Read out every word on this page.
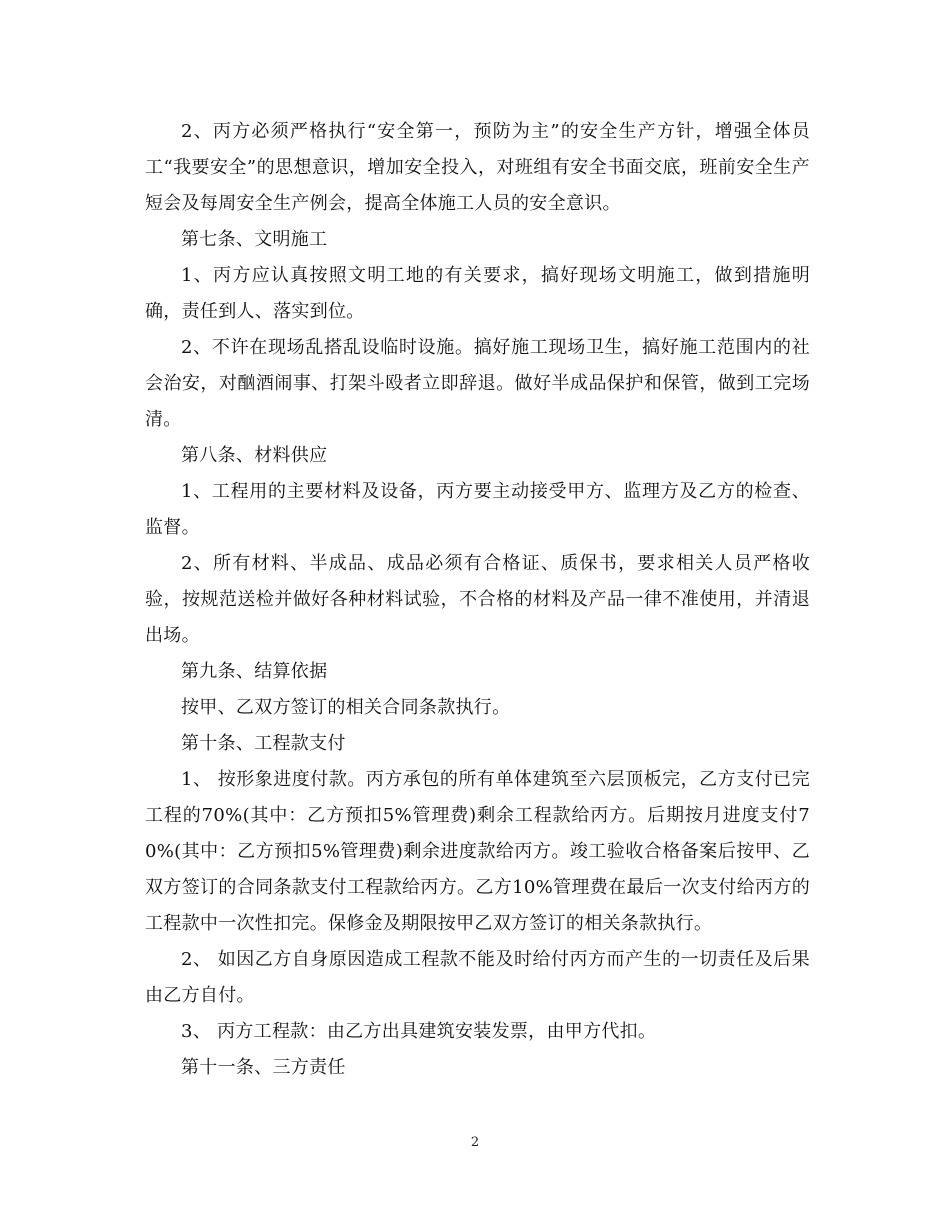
2、丙方必须严格执行“安全第一，预防为主”的安全生产方针，增强全体员工“我要安全”的思想意识，增加安全投入，对班组有安全书面交底，班前安全生产短会及每周安全生产例会，提高全体施工人员的安全意识。

第七条、文明施工

1、丙方应认真按照文明工地的有关要求，搞好现场文明施工，做到措施明确，责任到人、落实到位。

2、不许在现场乱搭乱设临时设施。搞好施工现场卫生，搞好施工范围内的社会治安，对酗酒闹事、打架斗殴者立即辞退。做好半成品保护和保管，做到工完场清。

第八条、材料供应

1、工程用的主要材料及设备，丙方要主动接受甲方、监理方及乙方的检查、监督。

2、所有材料、半成品、成品必须有合格证、质保书，要求相关人员严格收验，按规范送检并做好各种材料试验，不合格的材料及产品一律不准使用，并清退出场。

第九条、结算依据

按甲、乙双方签订的相关合同条款执行。

第十条、工程款支付

1、 按形象进度付款。丙方承包的所有单体建筑至六层顶板完，乙方支付已完工程的70%(其中：乙方预扣5%管理费)剩余工程款给丙方。后期按月进度支付70%(其中：乙方预扣5%管理费)剩余进度款给丙方。竣工验收合格备案后按甲、乙双方签订的合同条款支付工程款给丙方。乙方10%管理费在最后一次支付给丙方的工程款中一次性扣完。保修金及期限按甲乙双方签订的相关条款执行。

2、 如因乙方自身原因造成工程款不能及时给付丙方而产生的一切责任及后果由乙方自付。

3、 丙方工程款：由乙方出具建筑安装发票，由甲方代扣。

第十一条、三方责任

2
